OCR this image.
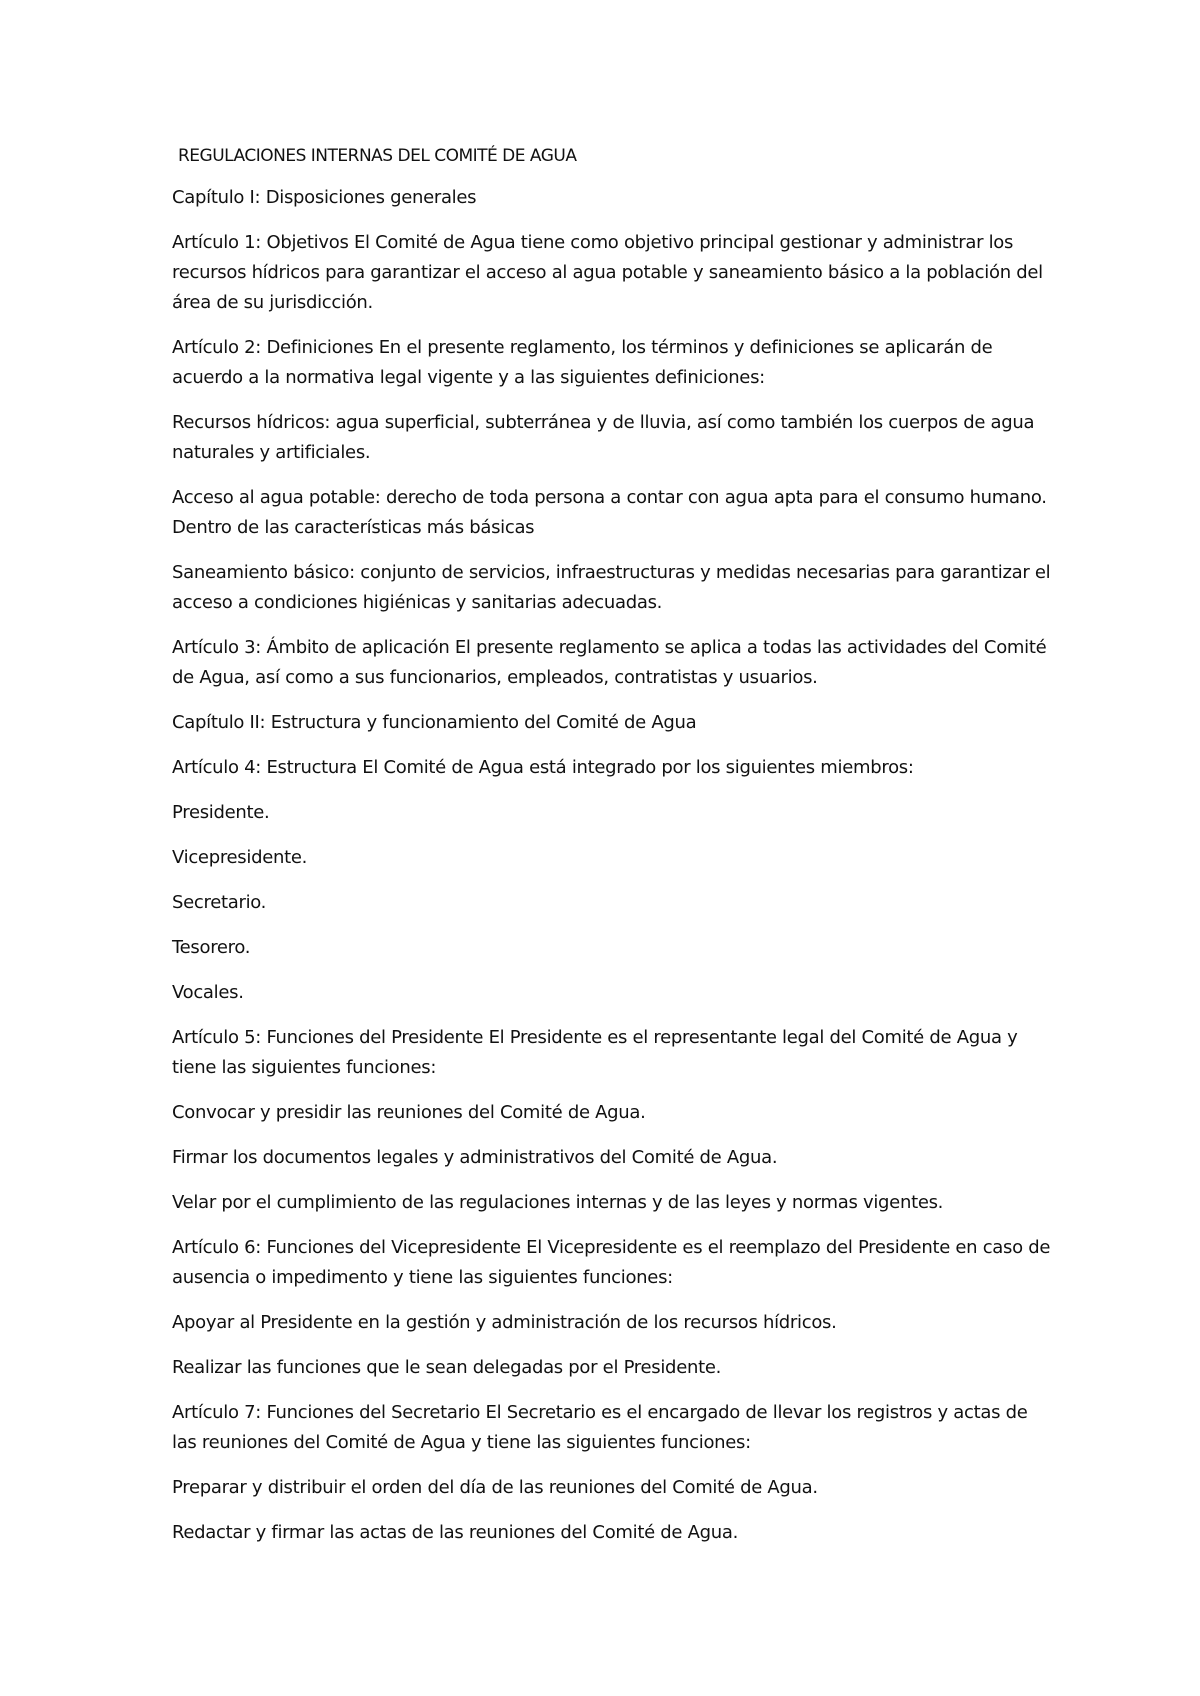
REGULACIONES INTERNAS DEL COMITÉ DE AGUA

Capítulo I: Disposiciones generales

Artículo 1: Objetivos El Comité de Agua tiene como objetivo principal gestionar y administrar los recursos hídricos para garantizar el acceso al agua potable y saneamiento básico a la población del área de su jurisdicción.

Artículo 2: Definiciones En el presente reglamento, los términos y definiciones se aplicarán de acuerdo a la normativa legal vigente y a las siguientes definiciones:

Recursos hídricos: agua superficial, subterránea y de lluvia, así como también los cuerpos de agua naturales y artificiales.

Acceso al agua potable: derecho de toda persona a contar con agua apta para el consumo humano. Dentro de las características más básicas

Saneamiento básico: conjunto de servicios, infraestructuras y medidas necesarias para garantizar el acceso a condiciones higiénicas y sanitarias adecuadas.

Artículo 3: Ámbito de aplicación El presente reglamento se aplica a todas las actividades del Comité de Agua, así como a sus funcionarios, empleados, contratistas y usuarios.

Capítulo II: Estructura y funcionamiento del Comité de Agua

Artículo 4: Estructura El Comité de Agua está integrado por los siguientes miembros:

Presidente.

Vicepresidente.

Secretario.

Tesorero.

Vocales.

Artículo 5: Funciones del Presidente El Presidente es el representante legal del Comité de Agua y tiene las siguientes funciones:

Convocar y presidir las reuniones del Comité de Agua.

Firmar los documentos legales y administrativos del Comité de Agua.

Velar por el cumplimiento de las regulaciones internas y de las leyes y normas vigentes.

Artículo 6: Funciones del Vicepresidente El Vicepresidente es el reemplazo del Presidente en caso de ausencia o impedimento y tiene las siguientes funciones:

Apoyar al Presidente en la gestión y administración de los recursos hídricos.

Realizar las funciones que le sean delegadas por el Presidente.

Artículo 7: Funciones del Secretario El Secretario es el encargado de llevar los registros y actas de las reuniones del Comité de Agua y tiene las siguientes funciones:

Preparar y distribuir el orden del día de las reuniones del Comité de Agua.

Redactar y firmar las actas de las reuniones del Comité de Agua.
